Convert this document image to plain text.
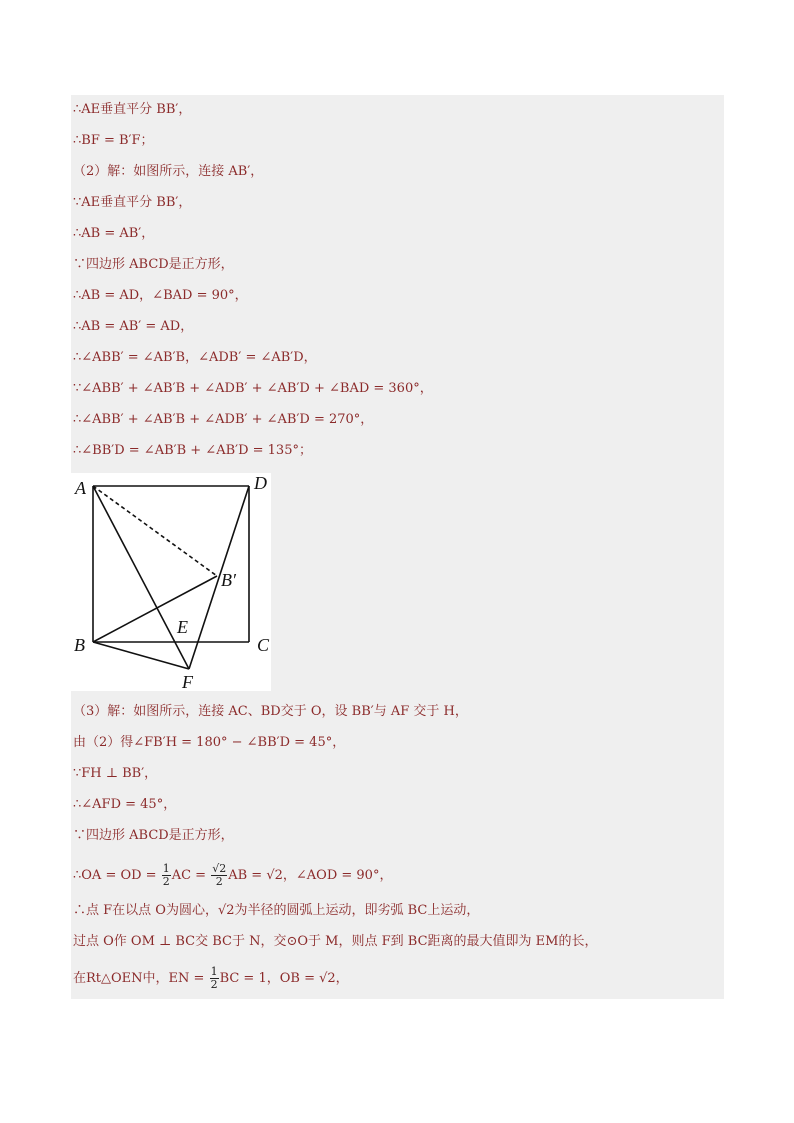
∴AE垂直平分 BB′，
∴BF = B′F；
（2）解：如图所示，连接 AB′，
∵AE垂直平分 BB′，
∴AB = AB′，
∵四边形 ABCD是正方形，
∴AB = AD，∠BAD = 90°，
∴AB = AB′ = AD，
∴∠ABB′ = ∠AB′B，∠ADB′ = ∠AB′D，
∵∠ABB′ + ∠AB′B + ∠ADB′ + ∠AB′D + ∠BAD = 360°，
∴∠ABB′ + ∠AB′B + ∠ADB′ + ∠AB′D = 270°，
∴∠BB′D = ∠AB′B + ∠AB′D = 135°；
A	D
B′
E
B	C
F
（3）解：如图所示，连接 AC、BD交于 O，设 BB′与 AF 交于 H，
由（2）得∠FB′H = 180° − ∠BB′D = 45°，
∵FH ⊥ BB′，
∴∠AFD = 45°，
∵四边形 ABCD是正方形，
∴OA = OD = $\frac{1}{2}$ AC = $\frac{√2}{2}$ AB = √2，∠AOD = 90°，
∴点 F在以点 O为圆心，√2为半径的圆弧上运动，即劣弧 BC上运动，
过点 O作 OM ⊥ BC交 BC于 N，交⊙O于 M，则点 F到 BC距离的最大值即为 EM的长，
在Rt△OEN中，EN = $\frac{1}{2}$ BC = 1，OB = √2，
